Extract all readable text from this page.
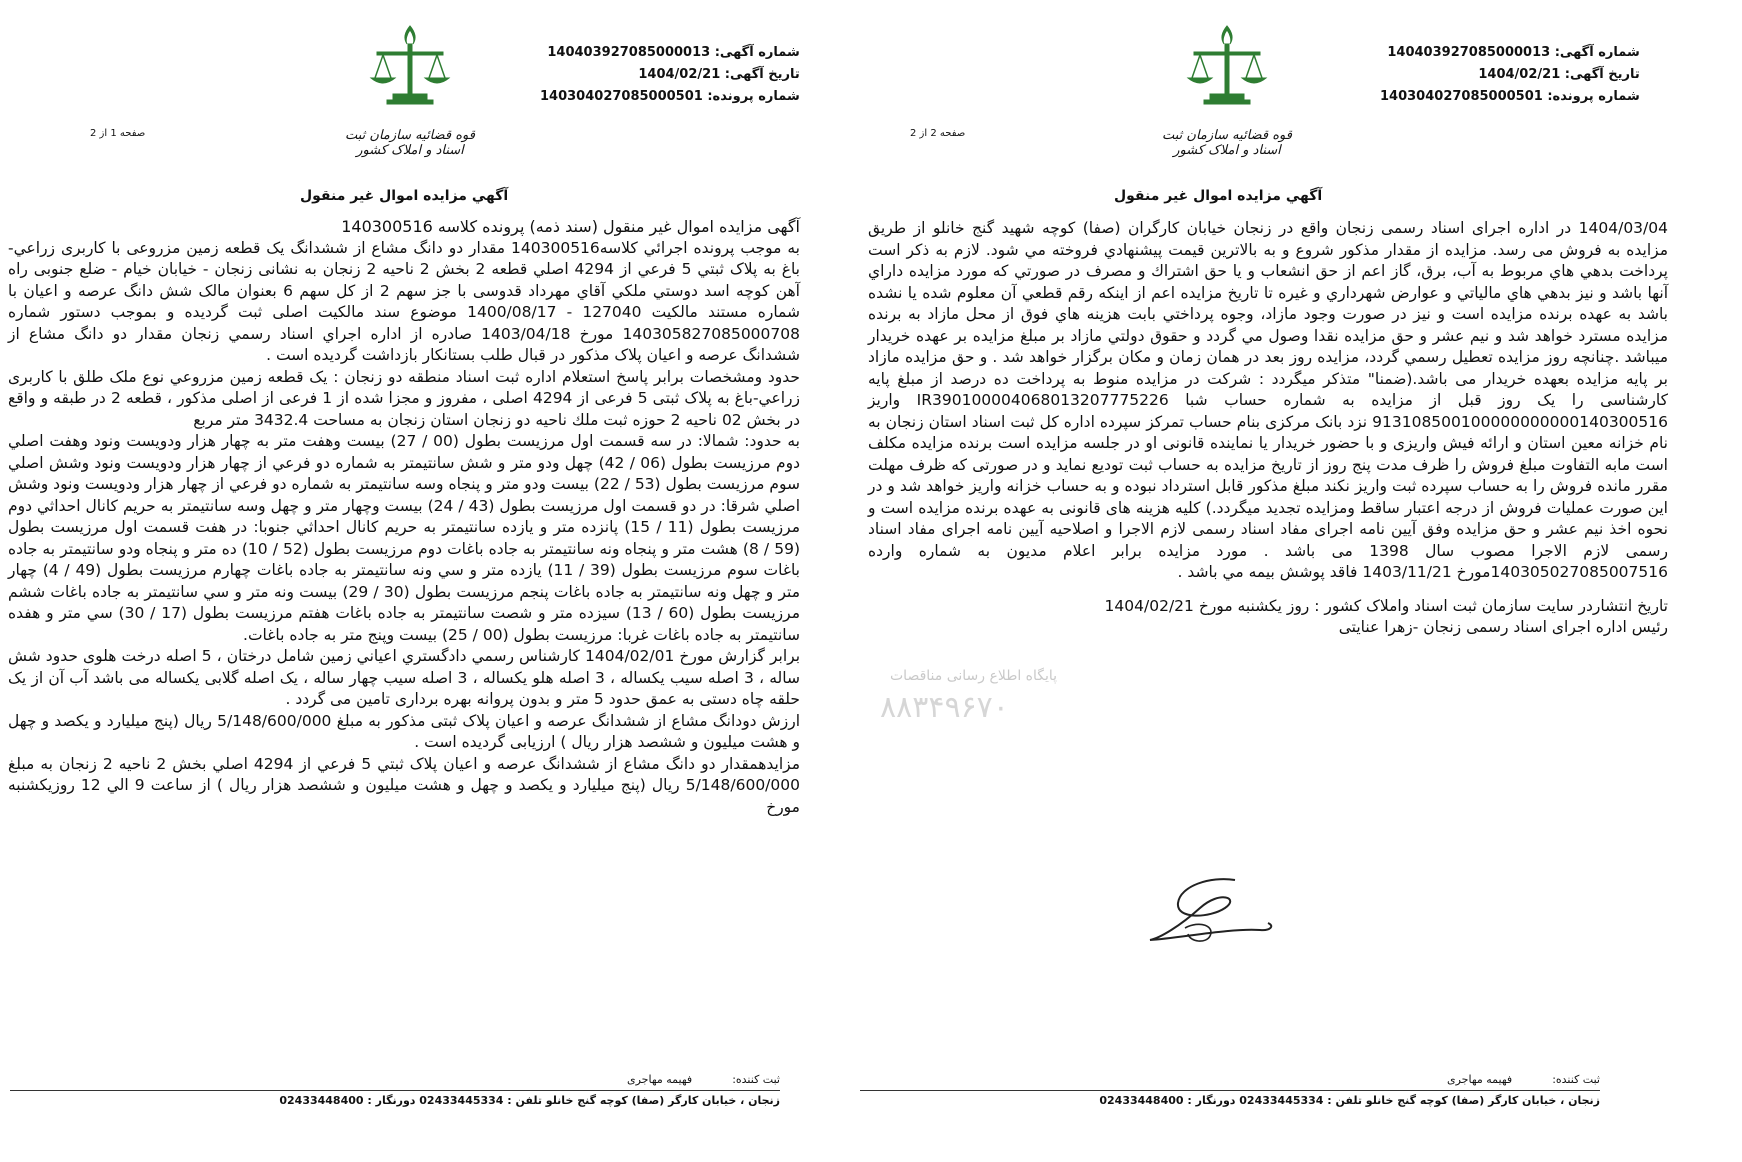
شماره آگهی: 140403927085000013
تاریخ آگهی: 1404/02/21
شماره پرونده: 140304027085000501
قوه قضائیه سازمان ثبت اسناد و املاک کشور
صفحه 1 از 2
آگهي مزايده اموال غير منقول

آگهی مزایده اموال غیر منقول (سند ذمه) پرونده کلاسه 140300516

به موجب پرونده اجرائي كلاسه140300516 مقدار دو دانگ مشاع از ششدانگ يک قطعه زمين مزروعی با كاربری زراعي- باغ به پلاک ثبتي 5 فرعي از 4294 اصلي قطعه 2 بخش 2 ناحيه 2 زنجان به نشانی زنجان - خيابان خيام - ضلع جنوبی راه آهن كوچه اسد دوستي ملكي آقاي مهرداد قدوسی با جز سهم 2 از كل سهم 6 بعنوان مالک شش دانگ عرصه و اعيان با شماره مستند مالكيت 127040 - 1400/08/17 موضوع سند مالكيت اصلی ثبت گرديده و بموجب دستور شماره 140305827085000708 مورخ 1403/04/18 صادره از اداره اجراي اسناد رسمي زنجان مقدار دو دانگ مشاع از ششدانگ عرصه و اعيان پلاک مذكور در قبال طلب بستانكار بازداشت گرديده است .

حدود ومشخصات برابر پاسخ استعلام اداره ثبت اسناد منطقه دو زنجان : یک قطعه زمین مزروعي نوع ملک طلق با کاربری زراعي-باغ به پلاک ثبتی 5 فرعی از 4294 اصلی ، مفروز و مجزا شده از 1 فرعی از اصلی مذکور ، قطعه 2 در طبقه و واقع در بخش 02 ناحیه 2 حوزه ثبت ملك ناحيه دو زنجان استان زنجان به مساحت 3432.4 متر مربع

به حدود: شمالا: در سه قسمت اول مرزیست بطول (00 / 27) بیست وهفت متر به چهار هزار ودویست ونود وهفت اصلي دوم مرزيست بطول (06 / 42) چهل ودو متر و شش سانتیمتر به شماره دو فرعي از چهار هزار ودويست ونود وشش اصلي سوم مرزيست بطول (53 / 22) بيست ودو متر و پنجاه وسه سانتيمتر به شماره دو فرعي از چهار هزار ودويست ونود وشش اصلي شرقا: در دو قسمت اول مرزيست بطول (43 / 24) بيست وچهار متر و چهل وسه سانتيمتر به حريم كانال احداثي دوم مرزيست بطول (11 / 15) پانزده متر و يازده سانتيمتر به حريم كانال احداثي جنوبا: در هفت قسمت اول مرزيست بطول (59 / 8) هشت متر و پنجاه ونه سانتيمتر به جاده باغات دوم مرزيست بطول (52 / 10) ده متر و پنجاه ودو سانتيمتر به جاده باغات سوم مرزيست بطول (39 / 11) يازده متر و سي ونه سانتيمتر به جاده باغات چهارم مرزيست بطول (49 / 4) چهار متر و چهل ونه سانتيمتر به جاده باغات پنجم مرزيست بطول (30 / 29) بيست ونه متر و سي سانتيمتر به جاده باغات ششم مرزيست بطول (60 / 13) سيزده متر و شصت سانتيمتر به جاده باغات هفتم مرزيست بطول (17 / 30) سي متر و هفده سانتيمتر به جاده باغات غربا: مرزيست بطول (00 / 25) بيست وپنج متر به جاده باغات.

برابر گزارش مورخ 1404/02/01 كارشناس رسمي دادگستري اعياني زمين شامل درختان ، 5 اصله درخت هلوی حدود شش ساله ، 3 اصله سیب یکساله ، 3 اصله هلو یکساله ، 3 اصله سیب چهار ساله ، یک اصله گلابی یکساله می باشد آب آن از یک حلقه چاه دستی به عمق حدود 5 متر و بدون پروانه بهره برداری تامین می گردد .

ارزش دودانگ مشاع از ششدانگ عرصه و اعیان پلاک ثبتی مذکور به مبلغ 5/148/600/000 ریال (پنج میلیارد و یکصد و چهل و هشت میلیون و ششصد هزار ریال ) ارزیابی گردیده است .

مزایدهمقدار دو دانگ مشاع از ششدانگ عرصه و اعيان پلاک ثبتي 5 فرعي از 4294 اصلي بخش 2 ناحيه 2 زنجان به مبلغ 5/148/600/000 ریال (پنج میلیارد و یکصد و چهل و هشت میلیون و ششصد هزار ریال ) از ساعت 9 الي 12 روزيكشنبه مورخ

ثبت کننده:فهیمه مهاجری
زنجان ، خیابان کارگر (صفا) کوچه گنج خانلو تلفن : 02433445334 دورنگار : 02433448400
شماره آگهی: 140403927085000013
تاریخ آگهی: 1404/02/21
شماره پرونده: 140304027085000501
قوه قضائیه سازمان ثبت اسناد و املاک کشور
صفحه 2 از 2
آگهي مزايده اموال غير منقول

1404/03/04 در اداره اجرای اسناد رسمی زنجان واقع در زنجان خیابان کارگران (صفا) کوچه شهید گنج خانلو از طریق مزایده به فروش می رسد. مزايده از مقدار مذكور شروع و به بالاترين قيمت پيشنهادي فروخته مي شود. لازم به ذكر است پرداخت بدهي هاي مربوط به آب، برق، گاز اعم از حق انشعاب و يا حق اشتراك و مصرف در صورتي كه مورد مزايده داراي آنها باشد و نيز بدهي هاي مالياتي و عوارض شهرداري و غيره تا تاريخ مزايده اعم از اينكه رقم قطعي آن معلوم شده يا نشده باشد به عهده برنده مزايده است و نيز در صورت وجود مازاد، وجوه پرداختي بابت هزينه هاي فوق از محل مازاد به برنده مزايده مسترد خواهد شد و نيم عشر و حق مزايده نقدا وصول مي گردد و حقوق دولتي مازاد بر مبلغ مزايده بر عهده خريدار ميباشد .چنانچه روز مزايده تعطيل رسمي گردد، مزايده روز بعد در همان زمان و مكان برگزار خواهد شد . و حق مزایده مازاد بر پایه مزایده بعهده خریدار می باشد.(ضمنا" متذکر میگردد : شرکت در مزایده منوط به پرداخت ده درصد از مبلغ پایه کارشناسی را یک روز قبل از مزایده به شماره حساب شبا IR390100004068013207775226 واریز 913108500100000000000140300516 نزد بانک مرکزی بنام حساب تمرکز سپرده اداره کل ثبت اسناد استان زنجان به نام خزانه معین استان و ارائه فیش واریزی و با حضور خریدار یا نماینده قانونی او در جلسه مزایده است برنده مزایده مکلف است مابه التفاوت مبلغ فروش را ظرف مدت پنج روز از تاریخ مزایده به حساب ثبت تودیع نماید و در صورتی که ظرف مهلت مقرر مانده فروش را به حساب سپرده ثبت واریز نکند مبلغ مذکور قابل استرداد نبوده و به حساب خزانه واریز خواهد شد و در این صورت عملیات فروش از درجه اعتبار ساقط ومزایده تجدید میگردد.) کلیه هزینه های قانونی به عهده برنده مزایده است و نحوه اخذ نیم عشر و حق مزایده وفق آیین نامه اجرای مفاد اسناد رسمی لازم الاجرا و اصلاحیه آیین نامه اجرای مفاد اسناد رسمی لازم الاجرا مصوب سال 1398 می باشد . مورد مزايده برابر اعلام مديون به شماره وارده 140305027085007516مورخ 1403/11/21 فاقد پوشش بيمه مي باشد .

تاریخ انتشاردر سایت سازمان ثبت اسناد واملاک کشور : روز یکشنبه مورخ 1404/02/21

رئیس اداره اجرای اسناد رسمی زنجان -زهرا عنایتی

ثبت کننده:فهیمه مهاجری
زنجان ، خیابان کارگر (صفا) کوچه گنج خانلو تلفن : 02433445334 دورنگار : 02433448400
پایگاه اطلاع رسانی مناقصات
۸۸۳۴۹۶۷۰
